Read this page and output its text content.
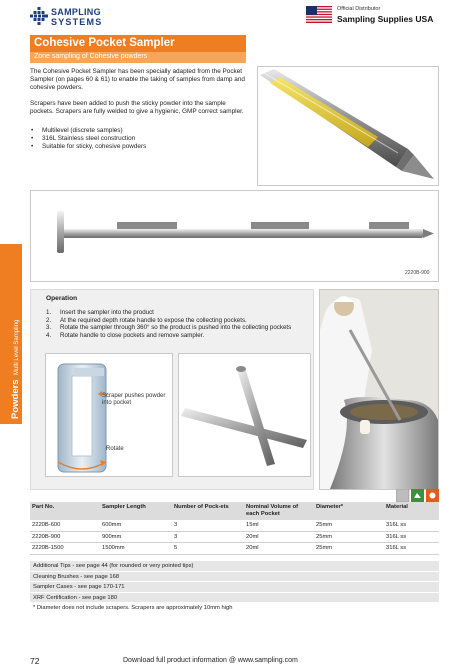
SAMPLING
SYSTEMS
Official Distributor
Sampling Supplies USA
Cohesive Pocket Sampler
Zone sampling of Cohesive powders

The Cohesive Pocket Sampler has been specially adapted from the Pocket Sampler (on pages 60 & 61) to enable the taking of samples from damp and cohesive powders.

Scrapers have been added to push the sticky powder into the sample pockets. Scrapers are fully welded to give a hygienic, GMP correct sampler.

• Multilevel (discrete samples)
• 316L Stainless steel construction
• Suitable for sticky, cohesive powders
2220B-900
Powders Multi Level Sampling
Operation
1. Insert the sampler into the product
2. At the required depth rotate handle to expose the collecting pockets.
3. Rotate the sampler through 360° so the product is pushed into the collecting pockets
4. Rotate handle to close pockets and remove sampler.
Scraper pushes powder into pocket
Rotate
Part No.	Sampler Length	Number of Pock-ets	Nominal Volume of each Pocket	Diameter*	Material
2220B-600	600mm	3	15ml	25mm	316L ss
2220B-900	900mm	3	20ml	25mm	316L ss
2220B-1500	1500mm	5	20ml	25mm	316L ss
Additional Tips - see page 44 (for rounded or very pointed tips)
Cleaning Brushes - see page 168
Sampler Cases - see page 170-171
XRF Certification - see page 180
* Diameter does not include scrapers. Scrapers are approximately 10mm high
72	Download full product information @ www.sampling.com
